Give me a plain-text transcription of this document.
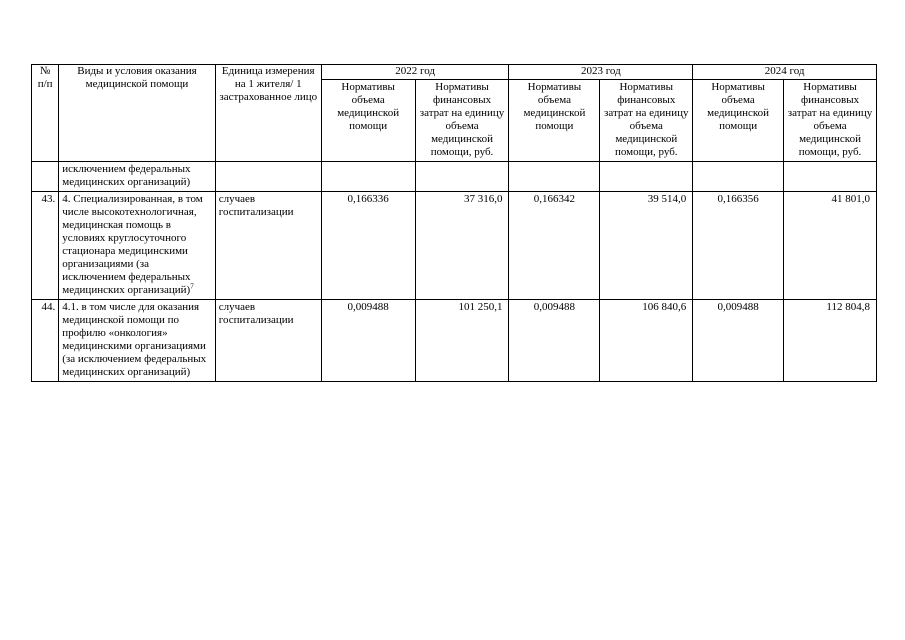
№ п/п	Виды и условия оказания медицинской помощи	Единица измерения на 1 жителя/ 1 застрахованное лицо	2022 год		2023 год		2024 год	
			Нормативы объема медицинской помощи	Нормативы финансовых затрат на единицу объема медицинской помощи, руб.	Нормативы объема медицинской помощи	Нормативы финансовых затрат на единицу объема медицинской помощи, руб.	Нормативы объема медицинской помощи	Нормативы финансовых затрат на единицу объема медицинской помощи, руб.
	исключением федеральных медицинских организаций)							
43.	4. Специализированная, в том числе высокотехнологичная, медицинская помощь в условиях круглосуточного стационара медицинскими организациями (за исключением федеральных медицинских организаций)$^7$	случаев госпитализации	0,166336	37 316,0	0,166342	39 514,0	0,166356	41 801,0
44.	4.1. в том числе для оказания медицинской помощи по профилю «онкология» медицинскими организациями (за исключением федеральных медицинских организаций)	случаев госпитализации	0,009488	101 250,1	0,009488	106 840,6	0,009488	112 804,8
